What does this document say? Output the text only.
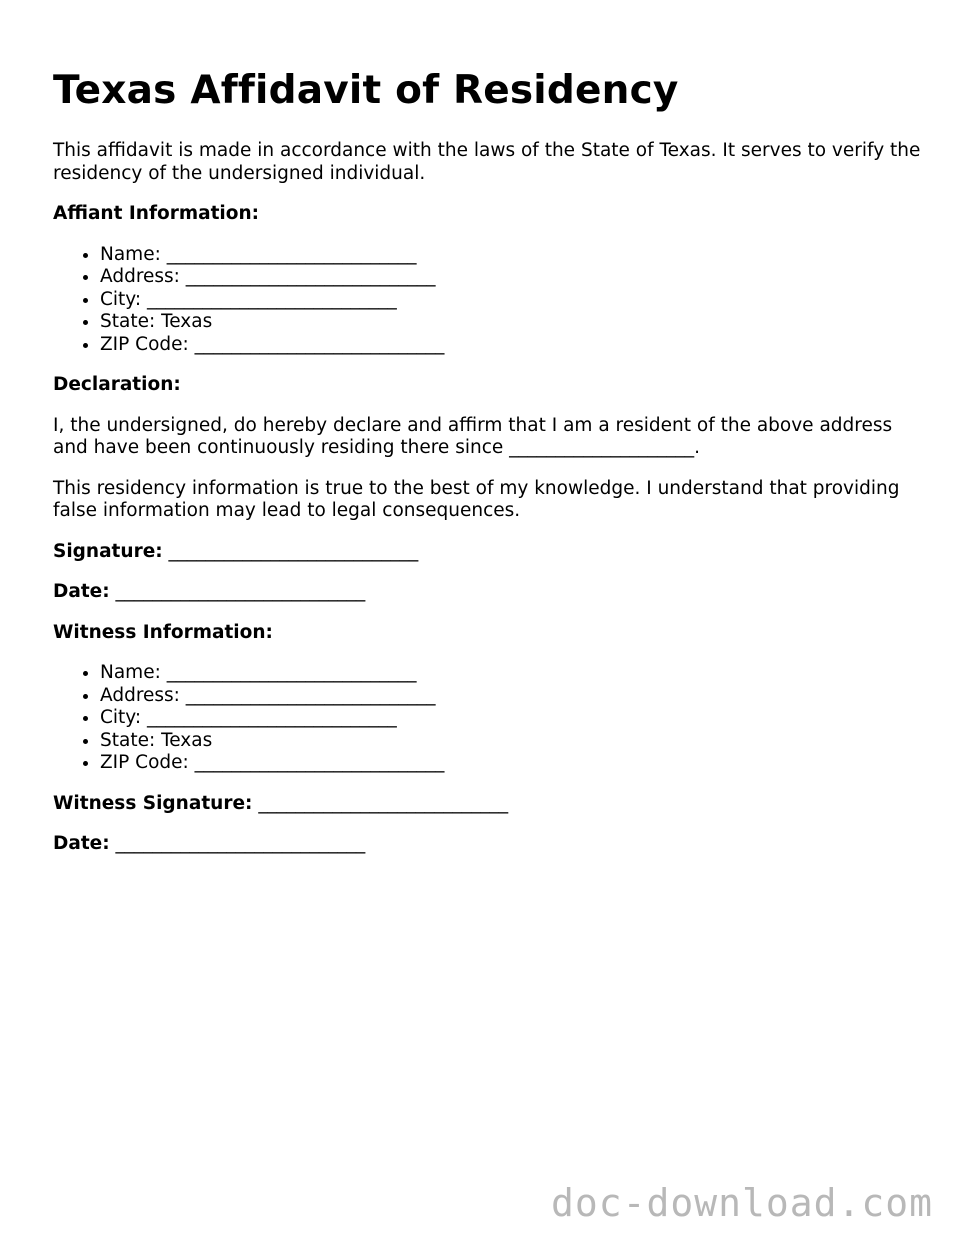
Texas Affidavit of Residency

This affidavit is made in accordance with the laws of the State of Texas. It serves to verify the residency of the undersigned individual.

Affiant Information:
• Name: ___________________________
• Address: ___________________________
• City: ___________________________
• State: Texas
• ZIP Code: ___________________________
Declaration:

I, the undersigned, do hereby declare and affirm that I am a resident of the above address and have been continuously residing there since ____________________.

This residency information is true to the best of my knowledge. I understand that providing false information may lead to legal consequences.

Signature: ___________________________
Date: ___________________________
Witness Information:
• Name: ___________________________
• Address: ___________________________
• City: ___________________________
• State: Texas
• ZIP Code: ___________________________
Witness Signature: ___________________________
Date: ___________________________
doc-download.com
